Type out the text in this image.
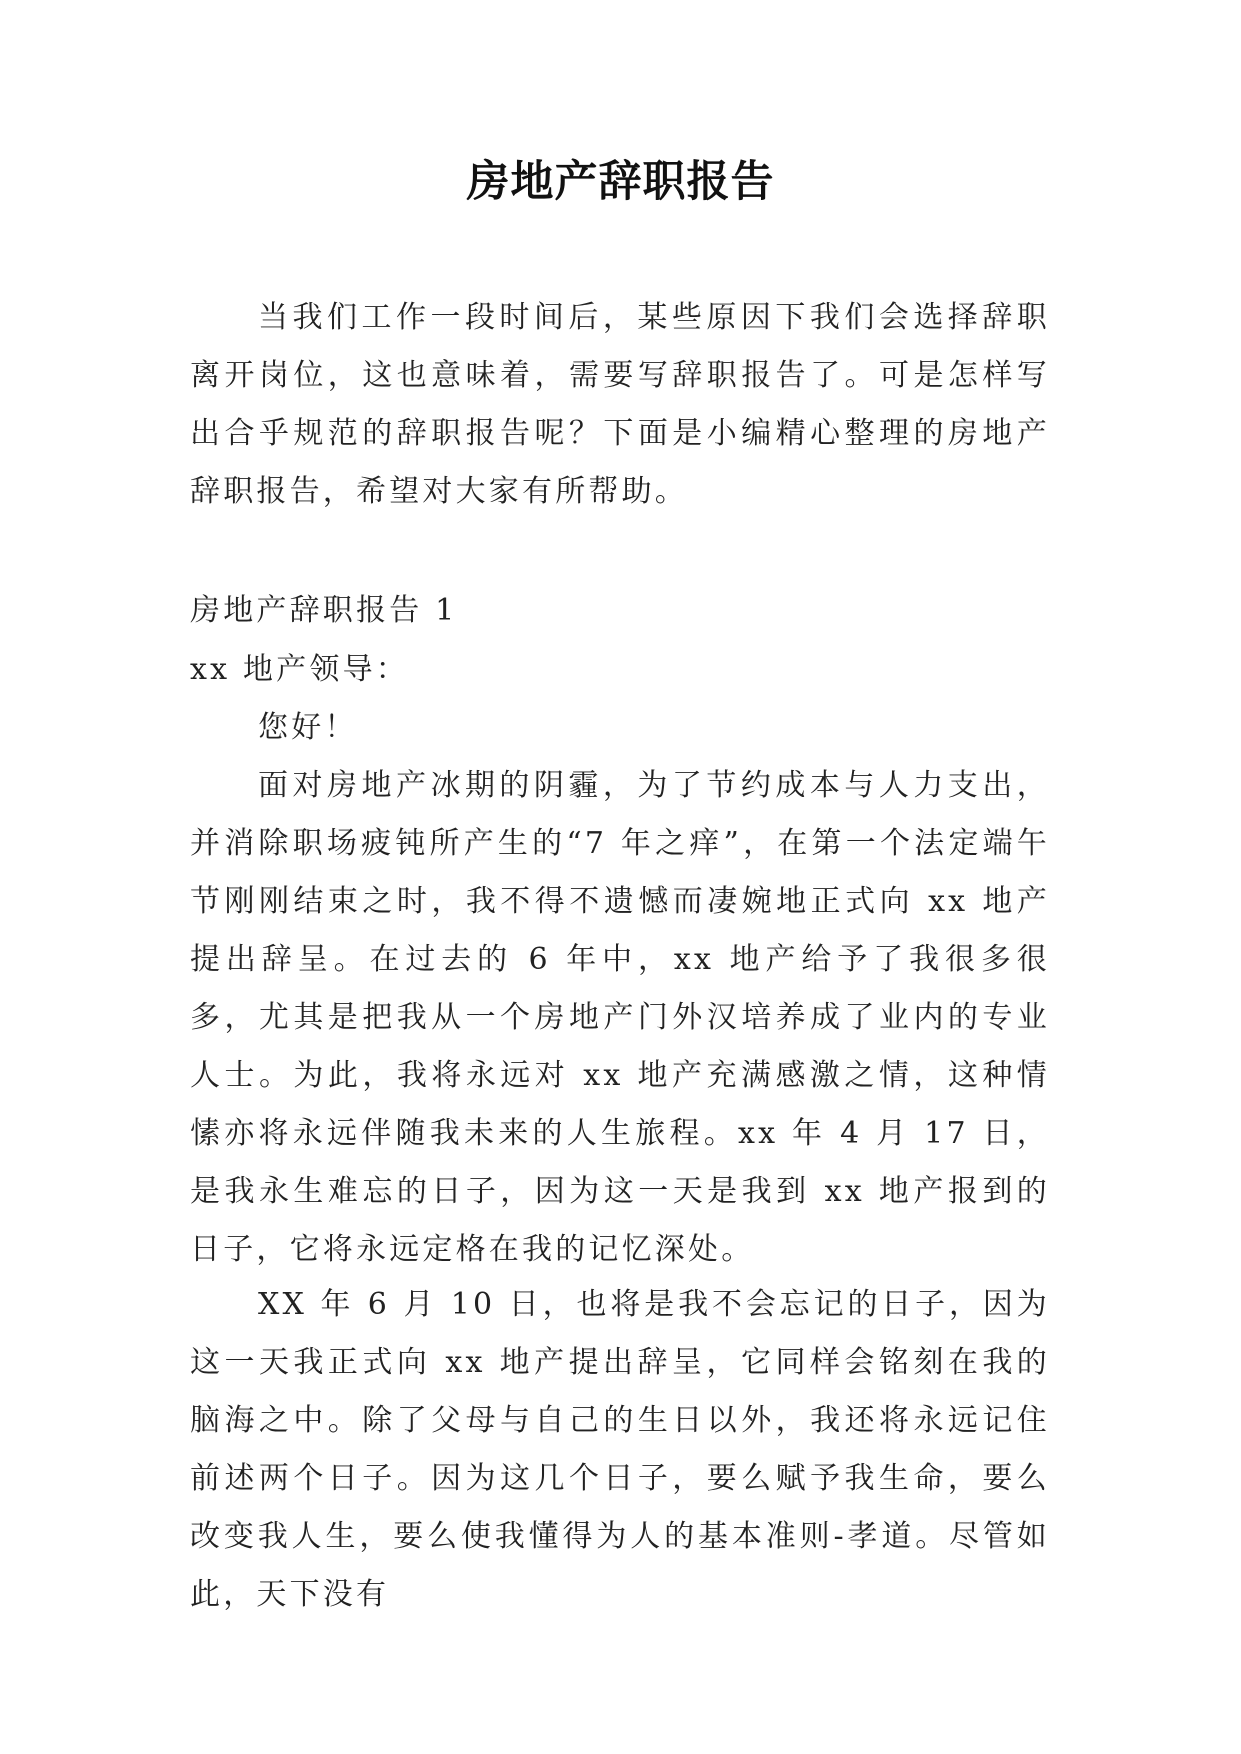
房地产辞职报告

当我们工作一段时间后，某些原因下我们会选择辞职离开岗位，这也意味着，需要写辞职报告了。可是怎样写出合乎规范的辞职报告呢？下面是小编精心整理的房地产辞职报告，希望对大家有所帮助。

房地产辞职报告 1

xx 地产领导：

您好！

面对房地产冰期的阴霾，为了节约成本与人力支出，并消除职场疲钝所产生的“7 年之痒”，在第一个法定端午节刚刚结束之时，我不得不遗憾而凄婉地正式向 xx 地产提出辞呈。在过去的 6 年中，xx 地产给予了我很多很多，尤其是把我从一个房地产门外汉培养成了业内的专业人士。为此，我将永远对 xx 地产充满感激之情，这种情愫亦将永远伴随我未来的人生旅程。xx 年 4 月 17 日，是我永生难忘的日子，因为这一天是我到 xx 地产报到的日子，它将永远定格在我的记忆深处。

XX 年 6 月 10 日，也将是我不会忘记的日子，因为这一天我正式向 xx 地产提出辞呈，它同样会铭刻在我的脑海之中。除了父母与自己的生日以外，我还将永远记住前述两个日子。因为这几个日子，要么赋予我生命，要么改变我人生，要么使我懂得为人的基本准则-孝道。尽管如此，天下没有
